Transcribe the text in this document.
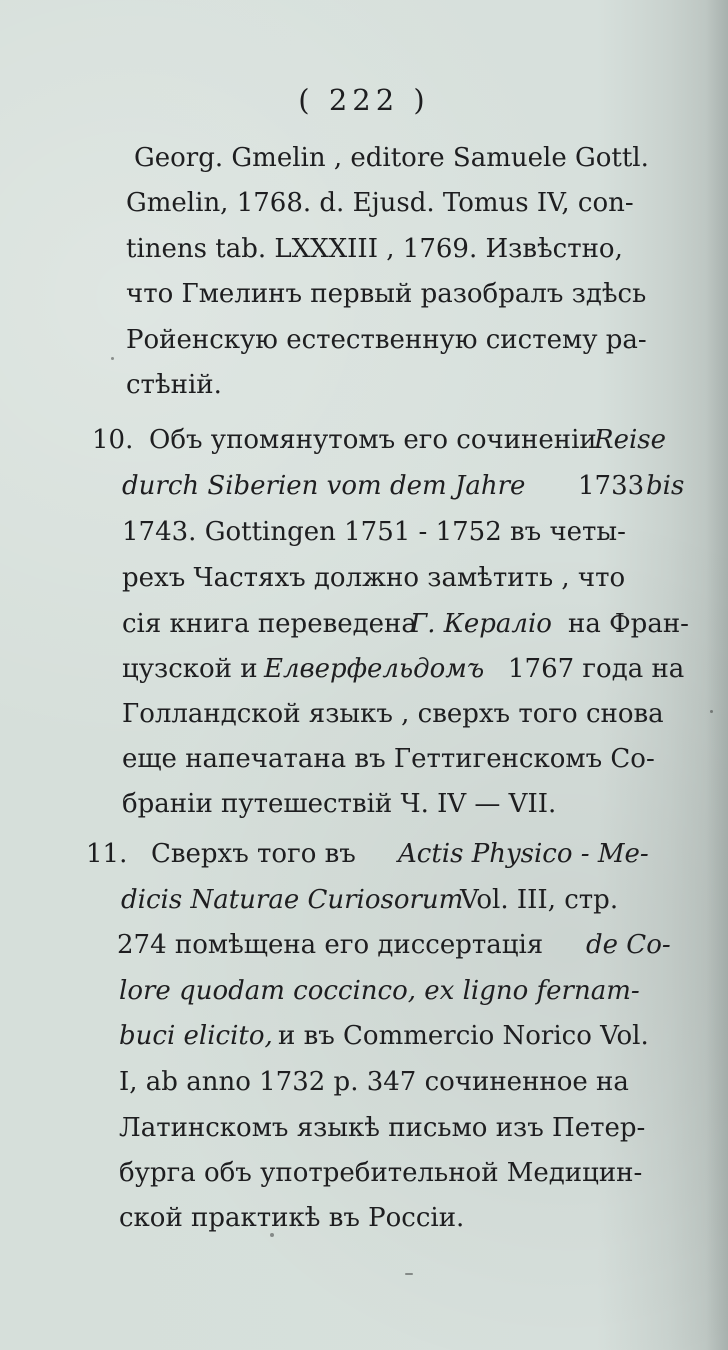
( 222 )
Georg. Gmelin , editore Samuele Gottl.
Gmelin, 1768. d. Ejusd. Tomus IV, con-
tinens tab. LXXXIII , 1769. Извѣстно,
что Гмелинъ первый разобралъ здѣсь
Ройенскую естественную систему ра-
стѣній.
10. Объ упомянутомъ его сочиненіи
Reise
durch Siberien vom dem Jahre 1733 bis
1743. Gottingen 1751 - 1752 въ четы-
рехъ Частяхъ должно замѣтить , что
сія книга переведена
Г. Кераліо на Фран-
цузской и Елверфельдомъ 1767 года на
Голландской языкъ , сверхъ того снова
еще напечатана въ Геттигенскомъ Со-
браніи путешествій Ч. IV — VII.
11. Сверхъ того въ Actis Physico - Me-
dicis Naturae Curiosorum
Vol. III, стр.
274 помѣщена его диссертація de Co-
lore quodam coccinco, ex ligno fernam-
buci elicito, и въ Commercio Norico Vol.
I, ab anno 1732 p. 347 сочиненное на
Латинскомъ языкѣ письмо изъ Петер-
бурга объ употребительной Медицин-
ской практикѣ въ Россіи.
